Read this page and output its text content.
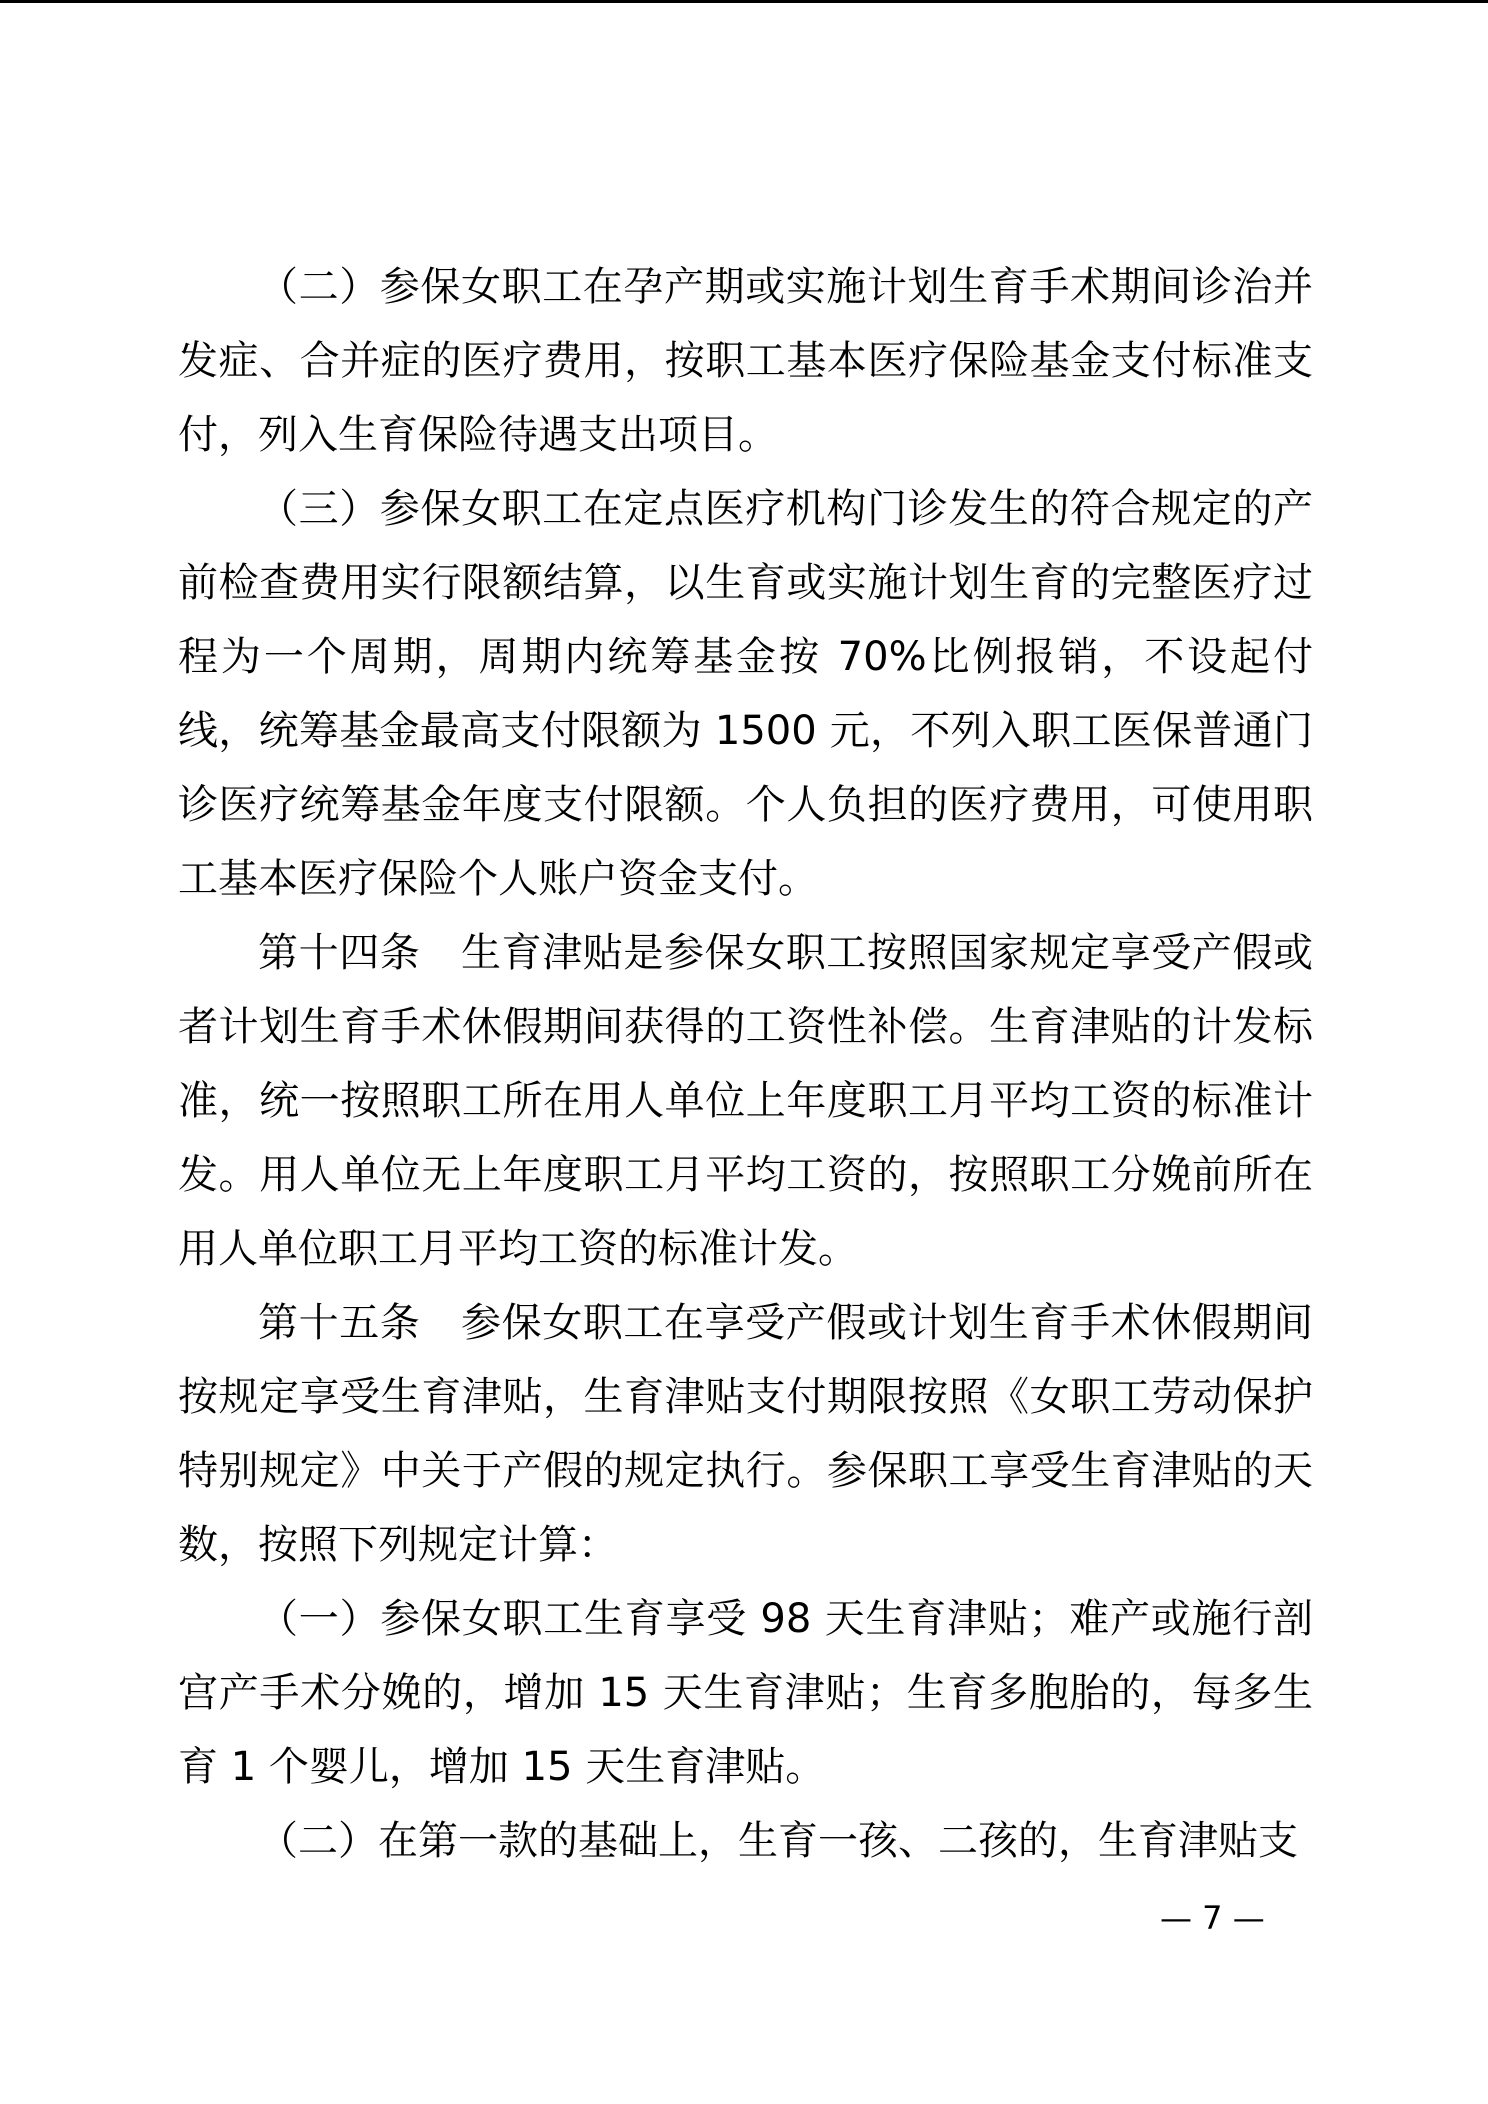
（二）参保女职工在孕产期或实施计划生育手术期间诊治并发症、合并症的医疗费用，按职工基本医疗保险基金支付标准支付，列入生育保险待遇支出项目。

（三）参保女职工在定点医疗机构门诊发生的符合规定的产前检查费用实行限额结算，以生育或实施计划生育的完整医疗过程为一个周期，周期内统筹基金按 70%比例报销，不设起付线，统筹基金最高支付限额为 1500 元，不列入职工医保普通门诊医疗统筹基金年度支付限额。个人负担的医疗费用，可使用职工基本医疗保险个人账户资金支付。

第十四条 生育津贴是参保女职工按照国家规定享受产假或者计划生育手术休假期间获得的工资性补偿。生育津贴的计发标准，统一按照职工所在用人单位上年度职工月平均工资的标准计发。用人单位无上年度职工月平均工资的，按照职工分娩前所在用人单位职工月平均工资的标准计发。

第十五条 参保女职工在享受产假或计划生育手术休假期间按规定享受生育津贴，生育津贴支付期限按照《女职工劳动保护特别规定》中关于产假的规定执行。参保职工享受生育津贴的天数，按照下列规定计算：

（一）参保女职工生育享受 98 天生育津贴；难产或施行剖宫产手术分娩的，增加 15 天生育津贴；生育多胞胎的，每多生育 1 个婴儿，增加 15 天生育津贴。

（二）在第一款的基础上，生育一孩、二孩的，生育津贴支

— 7 —
